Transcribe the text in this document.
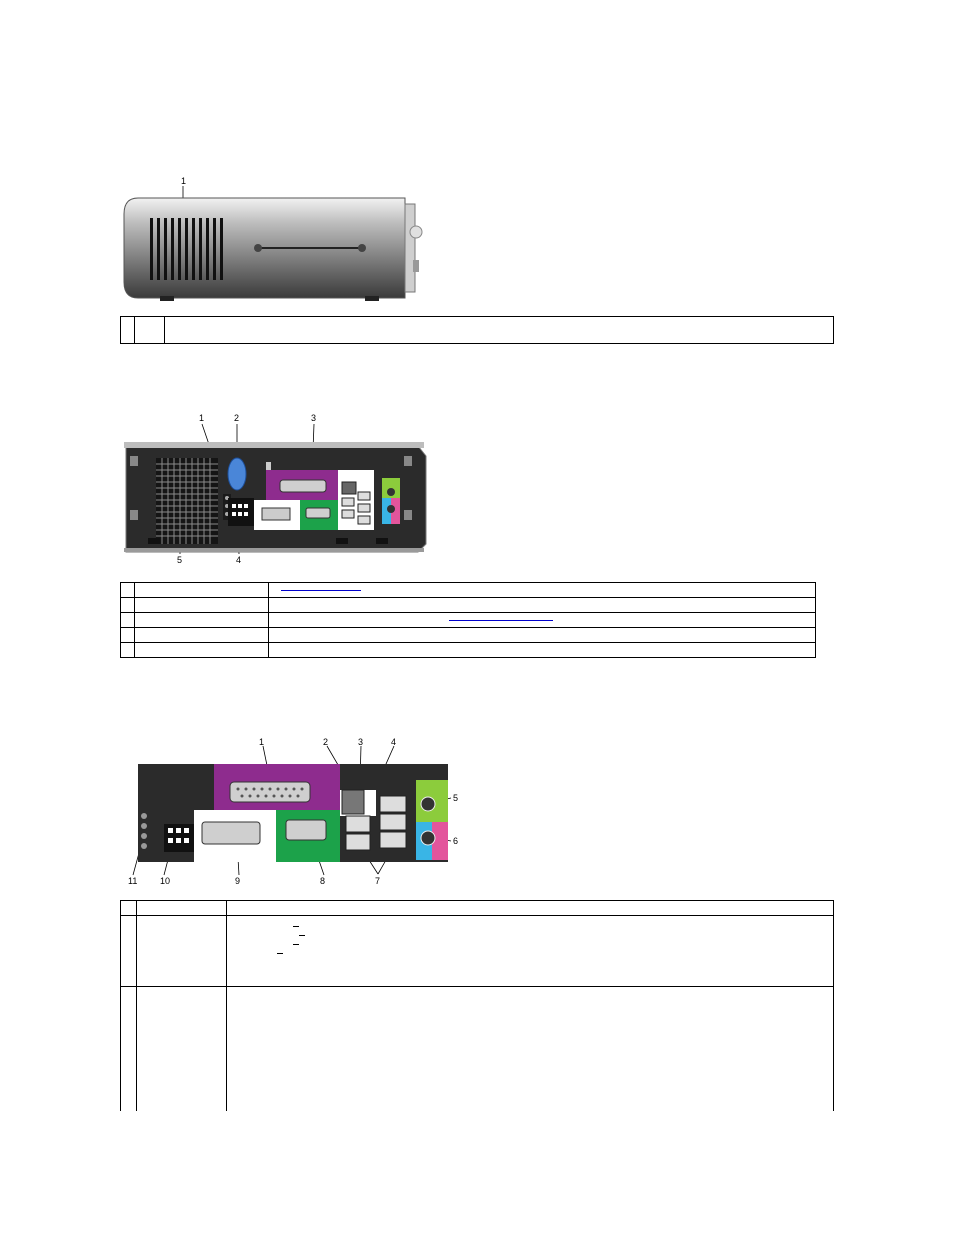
1

1	2	3
5	4

1	2	3	4
5
6
11	10	9	8	7
